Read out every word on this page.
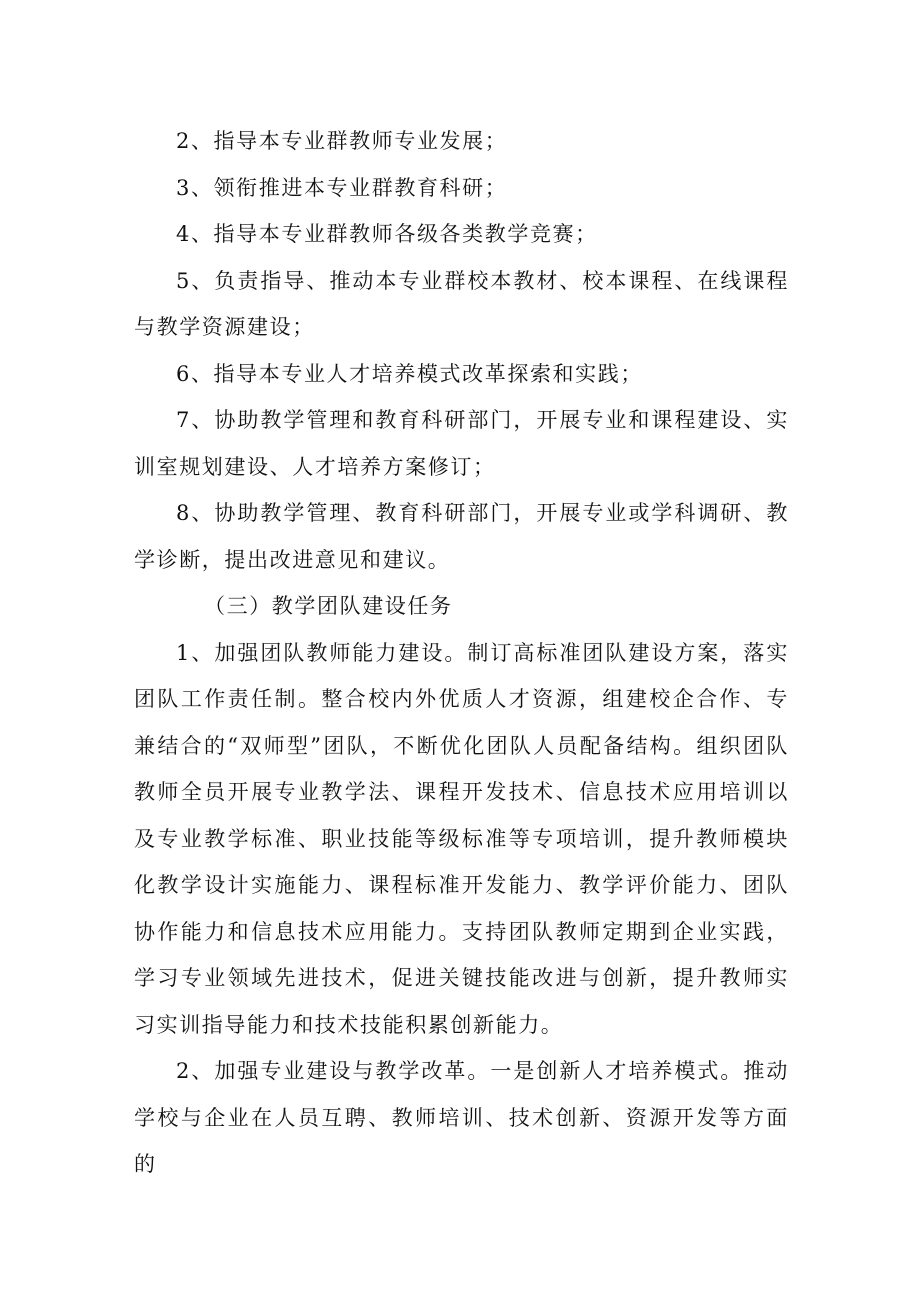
2、指导本专业群教师专业发展；

3、领衔推进本专业群教育科研；

4、指导本专业群教师各级各类教学竞赛；

5、负责指导、推动本专业群校本教材、校本课程、在线课程与教学资源建设；

6、指导本专业人才培养模式改革探索和实践；

7、协助教学管理和教育科研部门，开展专业和课程建设、实训室规划建设、人才培养方案修订；

8、协助教学管理、教育科研部门，开展专业或学科调研、教学诊断，提出改进意见和建议。

（三）教学团队建设任务

1、加强团队教师能力建设。制订高标准团队建设方案，落实团队工作责任制。整合校内外优质人才资源，组建校企合作、专兼结合的“双师型”团队，不断优化团队人员配备结构。组织团队教师全员开展专业教学法、课程开发技术、信息技术应用培训以及专业教学标准、职业技能等级标准等专项培训，提升教师模块化教学设计实施能力、课程标准开发能力、教学评价能力、团队协作能力和信息技术应用能力。支持团队教师定期到企业实践，学习专业领域先进技术，促进关键技能改进与创新，提升教师实习实训指导能力和技术技能积累创新能力。

2、加强专业建设与教学改革。一是创新人才培养模式。推动学校与企业在人员互聘、教师培训、技术创新、资源开发等方面的
